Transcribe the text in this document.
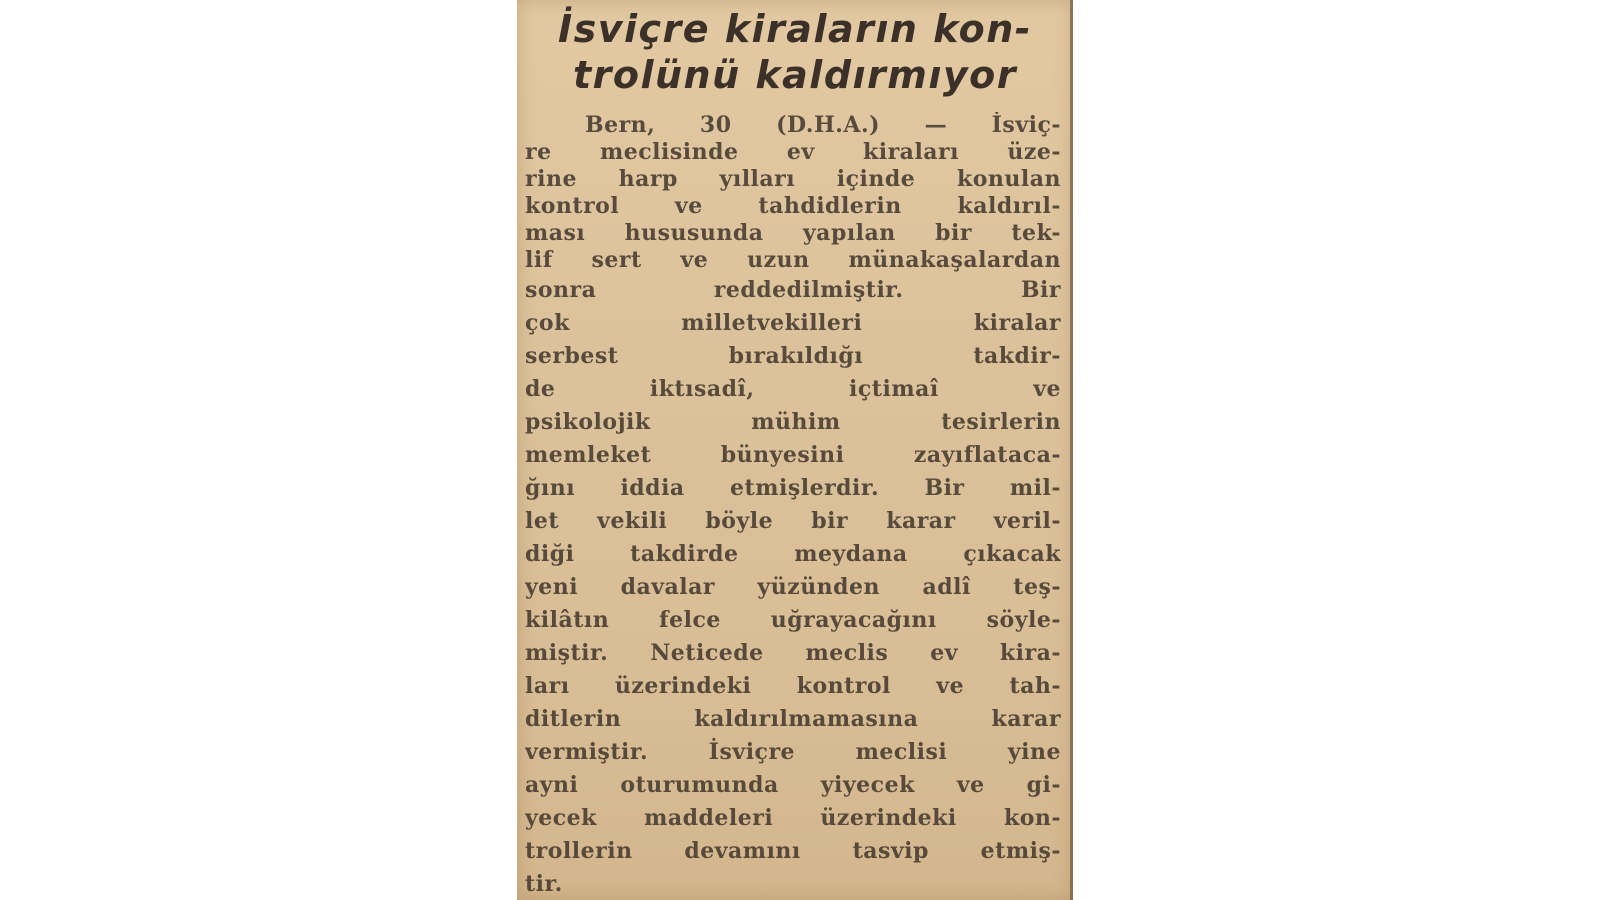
İsviçre kiraların kon-
trolünü kaldırmıyor
Bern, 30 (D.H.A.) — İsviç-
re meclisinde ev kiraları üze-
rine harp yılları içinde konulan
kontrol ve tahdidlerin kaldırıl-
ması hususunda yapılan bir tek-
lif sert ve uzun münakaşalardan
sonra reddedilmiştir. Bir
çok milletvekilleri kiralar
serbest bırakıldığı takdir-
de iktısadî, içtimaî ve
psikolojik mühim tesirlerin
memleket bünyesini zayıflataca-
ğını iddia etmişlerdir. Bir mil-
let vekili böyle bir karar veril-
diği takdirde meydana çıkacak
yeni davalar yüzünden adlî teş-
kilâtın felce uğrayacağını söyle-
miştir. Neticede meclis ev kira-
ları üzerindeki kontrol ve tah-
ditlerin kaldırılmamasına karar
vermiştir. İsviçre meclisi yine
ayni oturumunda yiyecek ve gi-
yecek maddeleri üzerindeki kon-
trollerin devamını tasvip etmiş-
tir.
